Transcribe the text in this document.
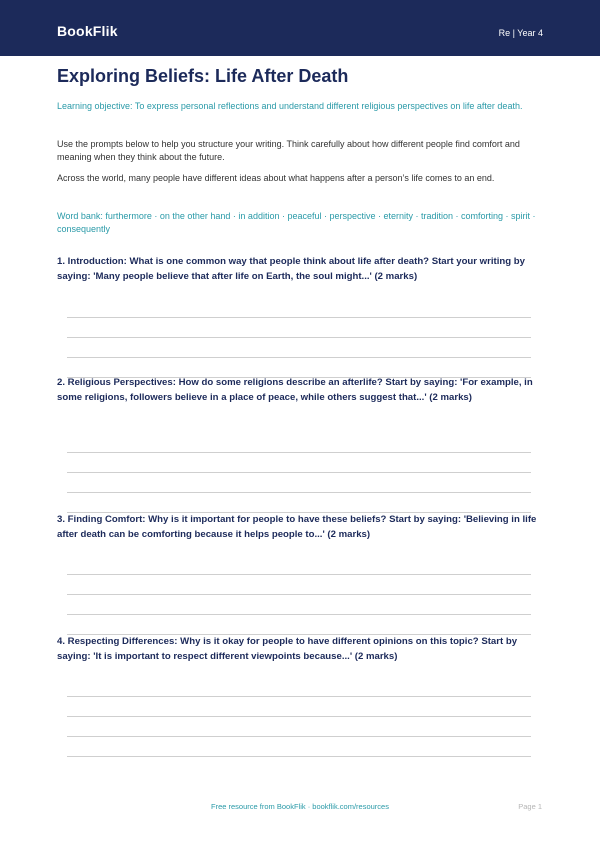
BookFlik	Re | Year 4
Exploring Beliefs: Life After Death

Learning objective: To express personal reflections and understand different religious perspectives on life after death.

Use the prompts below to help you structure your writing. Think carefully about how different people find comfort and meaning when they think about the future.

Across the world, many people have different ideas about what happens after a person’s life comes to an end.

Word bank: furthermore · on the other hand · in addition · peaceful · perspective · eternity · tradition · comforting · spirit · consequently

1. Introduction: What is one common way that people think about life after death? Start your writing by saying: 'Many people believe that after life on Earth, the soul might...' (2 marks)

2. Religious Perspectives: How do some religions describe an afterlife? Start by saying: 'For example, in some religions, followers believe in a place of peace, while others suggest that...' (2 marks)

3. Finding Comfort: Why is it important for people to have these beliefs? Start by saying: 'Believing in life after death can be comforting because it helps people to...' (2 marks)

4. Respecting Differences: Why is it okay for people to have different opinions on this topic? Start by saying: 'It is important to respect different viewpoints because...' (2 marks)

Free resource from BookFlik · bookflik.com/resources	Page 1
